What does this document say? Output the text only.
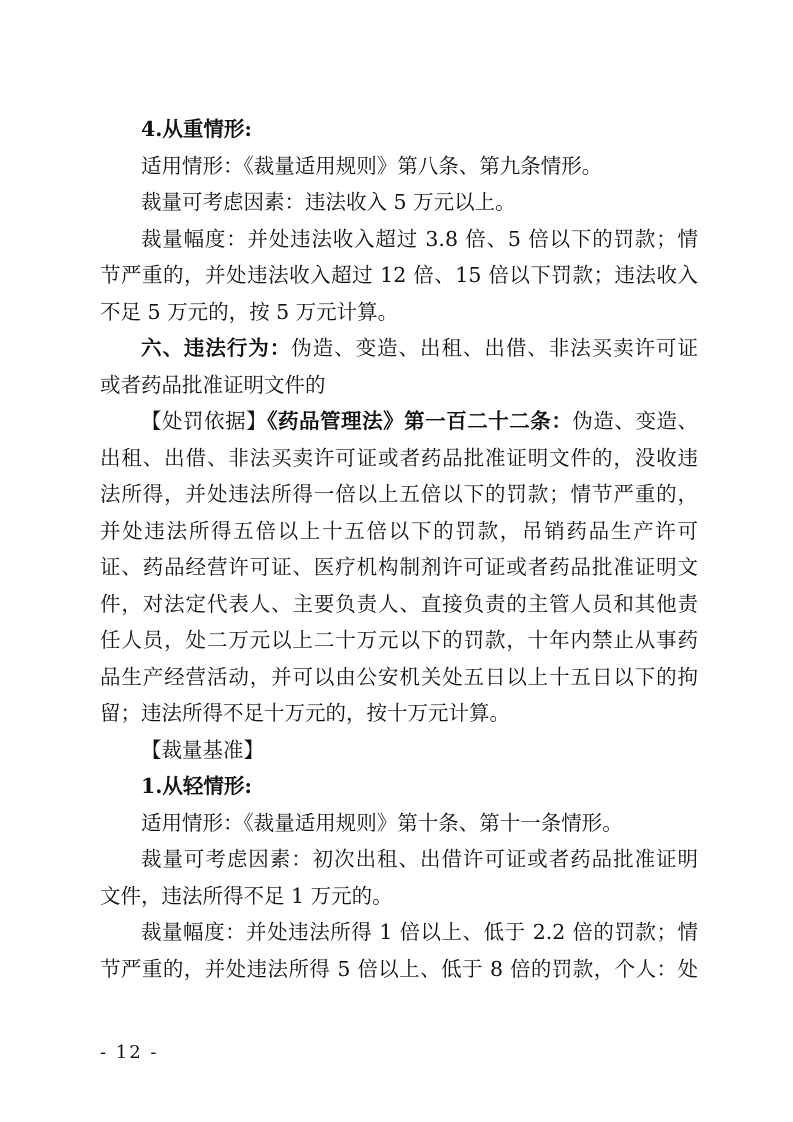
4.从重情形:
适用情形：《裁量适用规则》第八条、第九条情形。
裁量可考虑因素：违法收入 5 万元以上。
裁量幅度：并处违法收入超过 3.8 倍、5 倍以下的罚款；情
节严重的，并处违法收入超过 12 倍、15 倍以下罚款；违法收入
不足 5 万元的，按 5 万元计算。
六、违法行为：伪造、变造、出租、出借、非法买卖许可证
或者药品批准证明文件的
【处罚依据】《药品管理法》第一百二十二条：伪造、变造、
出租、出借、非法买卖许可证或者药品批准证明文件的，没收违
法所得，并处违法所得一倍以上五倍以下的罚款；情节严重的，
并处违法所得五倍以上十五倍以下的罚款，吊销药品生产许可
证、药品经营许可证、医疗机构制剂许可证或者药品批准证明文
件，对法定代表人、主要负责人、直接负责的主管人员和其他责
任人员，处二万元以上二十万元以下的罚款，十年内禁止从事药
品生产经营活动，并可以由公安机关处五日以上十五日以下的拘
留；违法所得不足十万元的，按十万元计算。
【裁量基准】
1.从轻情形:
适用情形：《裁量适用规则》第十条、第十一条情形。
裁量可考虑因素：初次出租、出借许可证或者药品批准证明
文件，违法所得不足 1 万元的。
裁量幅度：并处违法所得 1 倍以上、低于 2.2 倍的罚款；情
节严重的，并处违法所得 5 倍以上、低于 8 倍的罚款，个人：处
- 12 -
